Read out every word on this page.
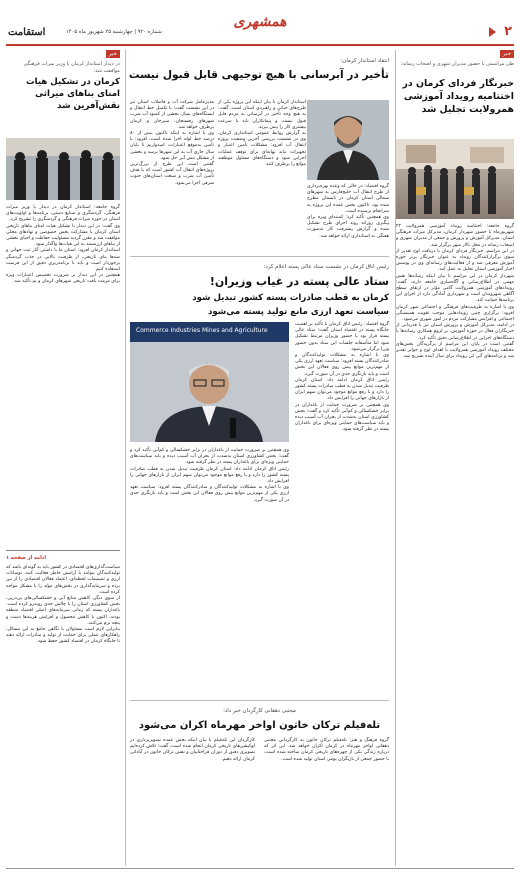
۲
همشهری
استقامت	شماره ۹۲۰ | چهارشنبه ۲۵ شهریور ماه ۱۴۰۵
خبر
طی مراسمی با حضور مدیران شهری و اصحاب رسانه:
خبرنگار فردای کرمان در اختتامیه رویداد آموزشی همرولایت تجلیل شد

گروه جامعه: اختتامیه رویداد آموزشی همرولایت ۲۲ شهریورماه با حضور شهردار کرمان، مدیرکل میراث فرهنگی استان، مدیرکل آموزش و پرورش و جمعی از مدیران شهری و اصحاب رسانه در محل تالار شهر برگزار شد.

در این مراسم، خبرنگار فردای کرمان با دریافت لوح تقدیر از سوی برگزارکنندگان رویداد به عنوان خبرنگار برتر حوزه آموزش معرفی شد و از فعالیت‌های رسانه‌ای وی در پوشش اخبار آموزشی استان تجلیل به عمل آمد.

شهردار کرمان در این مراسم با بیان اینکه رسانه‌ها نقش مهمی در اطلاع‌رسانی و آگاه‌سازی جامعه دارند، گفت: رویدادهای آموزشی همرولایت گامی مؤثر در ارتقای سطح آگاهی شهروندان است و شهرداری آمادگی دارد از اجرای این برنامه‌ها حمایت کند.

وی با اشاره به ظرفیت‌های فرهنگی و اجتماعی شهر کرمان افزود: برگزاری چنین رویدادهایی موجب تقویت همبستگی اجتماعی و افزایش مشارکت مردم در امور شهری می‌شود.

در ادامه، مدیرکل آموزش و پرورش استان نیز با قدردانی از خبرنگاران فعال در حوزه آموزش، بر لزوم همکاری رسانه‌ها با دستگاه‌های اجرایی در اطلاع‌رسانی دقیق تأکید کرد.

گفتنی است در پایان این مراسم از برگزیدگان بخش‌های مختلف رویداد آموزشی همرولایت با اهدای لوح و جوایز تقدیر شد و برنامه‌های آتی این رویداد برای سال آینده تشریح شد.

انتقاد استاندار کرمان:
تأخیر در آبرسانی با هیچ توجیهی قابل قبول نیست

استاندار کرمان با بیان اینکه این پروژه یکی از طرح‌های حیاتی و راهبردی استان است، گفت: به هیچ وجه تأخیر در آبرسانی به مردم قابل قبول نیست و پیمانکاران باید با سرعت بیشتری کار را پیش ببرند.

به گزارش روابط عمومی استانداری کرمان، وی در نشست بررسی آخرین وضعیت پروژه انتقال آب افزود: مشکلات تأمین اعتبار و تجهیزات نباید بهانه‌ای برای توقف عملیات اجرایی شود و دستگاه‌های مسئول موظفند موانع را برطرف کنند.

مدیرعامل شرکت آب و فاضلاب استان نیز در این نشست گفت: با تکمیل خط انتقال و ایستگاه‌های پمپاژ، بخشی از کمبود آب شرب شهرهای رفسنجان، سیرجان و کرمان برطرف خواهد شد.

وی با اشاره به اینکه تاکنون بیش از ۸۰ درصد خط لوله اجرا شده است، افزود: با تأمین به‌موقع اعتبارات، امیدواریم تا پایان سال جاری آب به این شهرها برسد و بخشی از مشکل تنش آبی حل شود.

گفتنی است این طرح از بزرگ‌ترین پروژه‌های انتقال آب کشور است که با هدف تأمین آب شرب و صنعت استان‌های جنوب شرقی اجرا می‌شود.

گروه اقتصاد: در حالی که وعده بهره‌برداری از طرح انتقال آب خلیج‌فارس به شهرهای شمالی استان کرمان در تابستان مطرح شده بود، تاکنون بخش عمده این پروژه به سرانجام نرسیده است.

وی همچنین تأکید کرد: کمیته‌ای ویژه برای پیگیری روزانه روند اجرای طرح تشکیل شده و گزارش پیشرفت کار به‌صورت هفتگی به استانداری ارائه خواهد شد.

رئیس اتاق کرمان در نشست ستاد عالی پسته اعلام کرد:
ستاد عالی پسته در غیاب وزیران!
کرمان به قطب صادرات پسته کشور تبدیل شود
سیاست تعهد ارزی مانع تولید پسته می‌شود
Commerce Industries Mines and Agriculture

گروه اقتصاد: رئیس اتاق کرمان با تأکید بر اهمیت جایگاه پسته در اقتصاد استان گفت: ستاد عالی پسته قرار بود با حضور وزیران مرتبط تشکیل شود اما متأسفانه جلسات این ستاد بدون حضور وزرا برگزار می‌شود.

وی با اشاره به مشکلات تولیدکنندگان و صادرکنندگان پسته افزود: سیاست تعهد ارزی یکی از مهم‌ترین موانع پیش روی فعالان این بخش است و باید بازنگری جدی در آن صورت گیرد.

رئیس اتاق کرمان ادامه داد: استان کرمان ظرفیت تبدیل شدن به قطب صادرات پسته کشور را دارد و با رفع موانع موجود می‌توان سهم ایران از بازارهای جهانی را افزایش داد.

وی همچنین بر ضرورت حمایت از باغداران در برابر خشکسالی و کم‌آبی تأکید کرد و گفت: بخش کشاورزی استان به‌شدت از بحران آب آسیب دیده و باید سیاست‌های حمایتی ویژه‌ای برای باغداران پسته در نظر گرفته شود.

وی همچنین بر ضرورت حمایت از باغداران در برابر خشکسالی و کم‌آبی تأکید کرد و گفت: بخش کشاورزی استان به‌شدت از بحران آب آسیب دیده و باید سیاست‌های حمایتی ویژه‌ای برای باغداران پسته در نظر گرفته شود.

رئیس اتاق کرمان ادامه داد: استان کرمان ظرفیت تبدیل شدن به قطب صادرات پسته کشور را دارد و با رفع موانع موجود می‌توان سهم ایران از بازارهای جهانی را افزایش داد.

وی با اشاره به مشکلات تولیدکنندگان و صادرکنندگان پسته افزود: سیاست تعهد ارزی یکی از مهم‌ترین موانع پیش روی فعالان این بخش است و باید بازنگری جدی در آن صورت گیرد.

مجتبی دهقانی کارگردان خبر داد:
تله‌فیلم ترکان خاتون اواخر مهرماه اکران می‌شود

گروه فرهنگ و هنر: تله‌فیلم ترکان خاتون به کارگردانی مجتبی دهقانی اواخر مهرماه در کرمان اکران خواهد شد. این اثر که درباره زندگی یکی از چهره‌های تاریخی کرمان ساخته شده است، با حضور جمعی از بازیگران بومی استان تولید شده است.

کارگردان این تله‌فیلم با بیان اینکه بخش عمده تصویربرداری در لوکیشن‌های تاریخی کرمان انجام شده است، گفت: تلاش کرده‌ایم تصویری دقیق از دوران قراختاییان و نقش ترکان خاتون در آبادانی کرمان ارائه دهیم.

خبر
در دیدار استاندار کرمان با وزیر میراث فرهنگی موافقت شد:
کرمان در تشکیل هیات امنای بناهای میراثی نقش‌آفرین شد

گروه جامعه: استاندار کرمان در دیدار با وزیر میراث فرهنگی، گردشگری و صنایع دستی، برنامه‌ها و اولویت‌های استان در حوزه میراث فرهنگی و گردشگری را تشریح کرد.

وی گفت: در این دیدار با تشکیل هیات امنای بناهای تاریخی استان کرمان با مشارکت بخش خصوصی و نهادهای محلی موافقت شد و مقرر گردید مسئولیت حفاظت و احیای بخشی از بناهای ارزشمند به این هیات‌ها واگذار شود.

استاندار کرمان افزود: استان ما با داشتن آثار ثبت جهانی و صدها بنای تاریخی، از ظرفیت بالایی در جذب گردشگر برخوردار است و باید با برنامه‌ریزی دقیق از این فرصت استفاده کنیم.

همچنین در این دیدار بر ضرورت تخصیص اعتبارات ویژه برای مرمت بافت تاریخی شهرهای کرمان و بم تأکید شد.

ادامه از صفحه ۱

سیاست‌گذاری‌های اقتصادی در کشور باید به گونه‌ای باشد که تولیدکنندگان بتوانند با آرامش خاطر فعالیت کنند. نوسانات ارزی و تصمیمات لحظه‌ای، اعتماد فعالان اقتصادی را از بین برده و سرمایه‌گذاری در بخش‌های مولد را با مشکل مواجه کرده است.

از سوی دیگر، کاهش منابع آبی و خشکسالی‌های پی‌درپی، بخش کشاورزی استان را با چالش جدی روبه‌رو کرده است. باغداران پسته که زمانی سرمایه‌های اصلی اقتصاد منطقه بودند، اکنون با کاهش محصول و افزایش هزینه‌ها دست و پنجه نرم می‌کنند.

بنابراین لازم است مسئولان با نگاهی جامع به این مسائل، راهکارهای عملی برای حمایت از تولید و صادرات ارائه دهند تا جایگاه کرمان در اقتصاد کشور حفظ شود.
